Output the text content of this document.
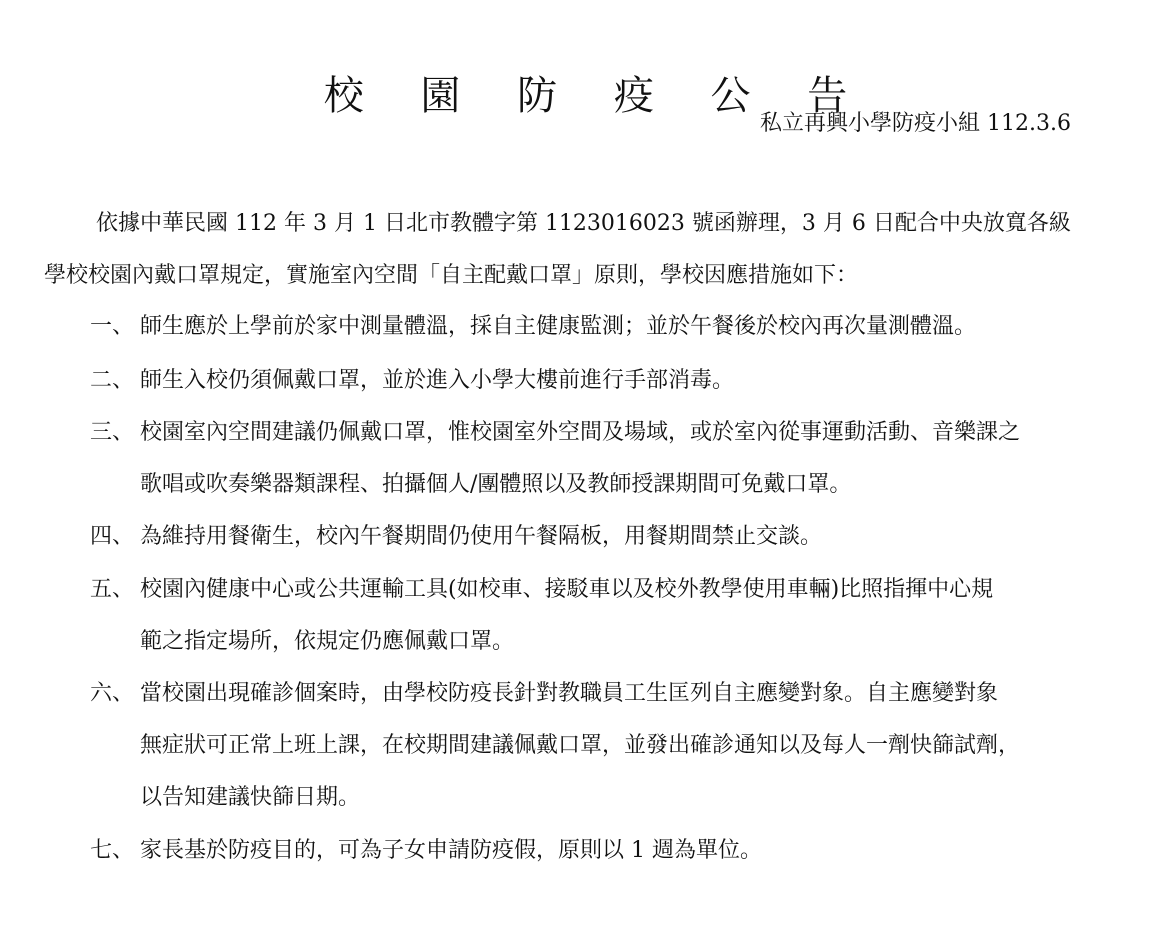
校 園 防 疫 公 告
私立再興小學防疫小組 112.3.6
依據中華民國 112 年 3 月 1 日北市教體字第 1123016023 號函辦理，3 月 6 日配合中央放寬各級
學校校園內戴口罩規定，實施室內空間「自主配戴口罩」原則，學校因應措施如下：
一、 師生應於上學前於家中測量體溫，採自主健康監測；並於午餐後於校內再次量測體溫。
二、 師生入校仍須佩戴口罩，並於進入小學大樓前進行手部消毒。
三、 校園室內空間建議仍佩戴口罩，惟校園室外空間及場域，或於室內從事運動活動、音樂課之
歌唱或吹奏樂器類課程、拍攝個人/團體照以及教師授課期間可免戴口罩。
四、 為維持用餐衛生，校內午餐期間仍使用午餐隔板，用餐期間禁止交談。
五、 校園內健康中心或公共運輸工具(如校車、接駁車以及校外教學使用車輛)比照指揮中心規
範之指定場所，依規定仍應佩戴口罩。
六、 當校園出現確診個案時，由學校防疫長針對教職員工生匡列自主應變對象。自主應變對象
無症狀可正常上班上課，在校期間建議佩戴口罩，並發出確診通知以及每人一劑快篩試劑，
以告知建議快篩日期。
七、 家長基於防疫目的，可為子女申請防疫假，原則以 1 週為單位。
